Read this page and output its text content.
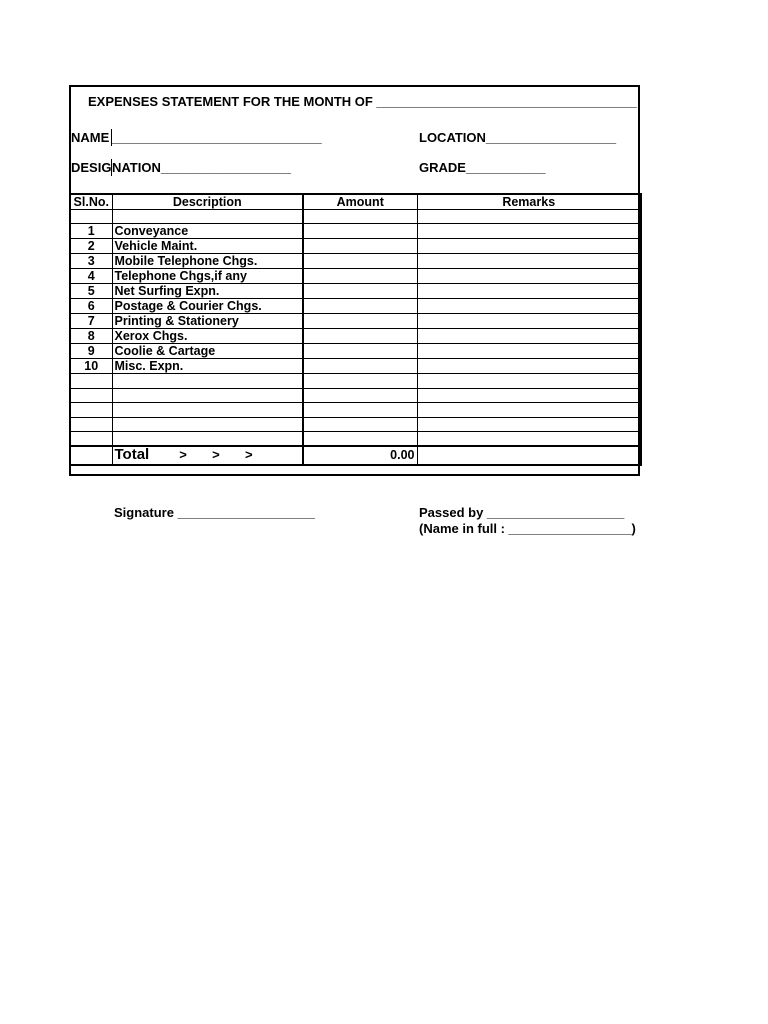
EXPENSES STATEMENT FOR THE MONTH OF ____________________________________
NAME _____________________________	LOCATION__________________
DESIG NATION__________________	GRADE___________
Sl.No.	Description	Amount	Remarks

1	Conveyance		
2	Vehicle Maint.		
3	Mobile Telephone Chgs.		
4	Telephone Chgs,if any		
5	Net Surfing Expn.		
6	Postage & Courier Chgs.		
7	Printing & Stationery		
8	Xerox Chgs.		
9	Coolie & Cartage		
10	Misc. Expn.		

	Total >       >       >	0.00	
Signature ___________________	Passed by ___________________
(Name in full : _________________)
